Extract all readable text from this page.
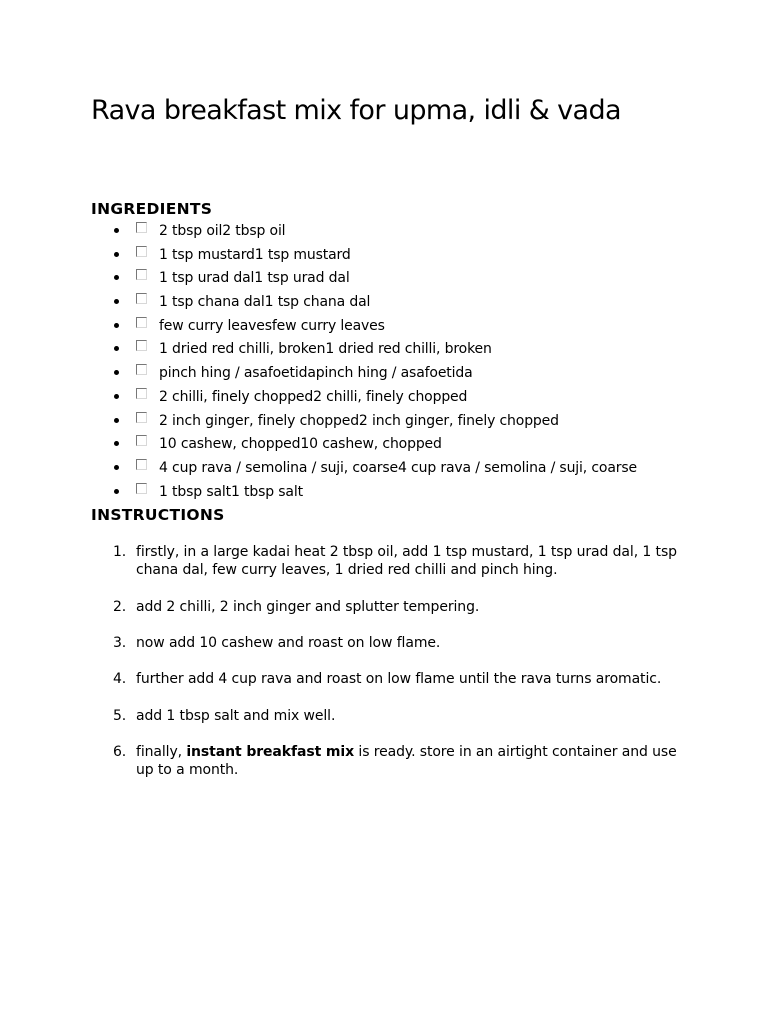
Rava breakfast mix for upma, idli & vada
INGREDIENTS
2 tbsp oil2 tbsp oil
1 tsp mustard1 tsp mustard
1 tsp urad dal1 tsp urad dal
1 tsp chana dal1 tsp chana dal
few curry leavesfew curry leaves
1 dried red chilli, broken1 dried red chilli, broken
pinch hing / asafoetidapinch hing / asafoetida
2 chilli, finely chopped2 chilli, finely chopped
2 inch ginger, finely chopped2 inch ginger, finely chopped
10 cashew, chopped10 cashew, chopped
4 cup rava / semolina / suji, coarse4 cup rava / semolina / suji, coarse
1 tbsp salt1 tbsp salt
INSTRUCTIONS
1. firstly, in a large kadai heat 2 tbsp oil, add 1 tsp mustard, 1 tsp urad dal, 1 tsp chana dal, few curry leaves, 1 dried red chilli and pinch hing.
2. add 2 chilli, 2 inch ginger and splutter tempering.
3. now add 10 cashew and roast on low flame.
4. further add 4 cup rava and roast on low flame until the rava turns aromatic.
5. add 1 tbsp salt and mix well.
6. finally, instant breakfast mix is ready. store in an airtight container and use up to a month.
